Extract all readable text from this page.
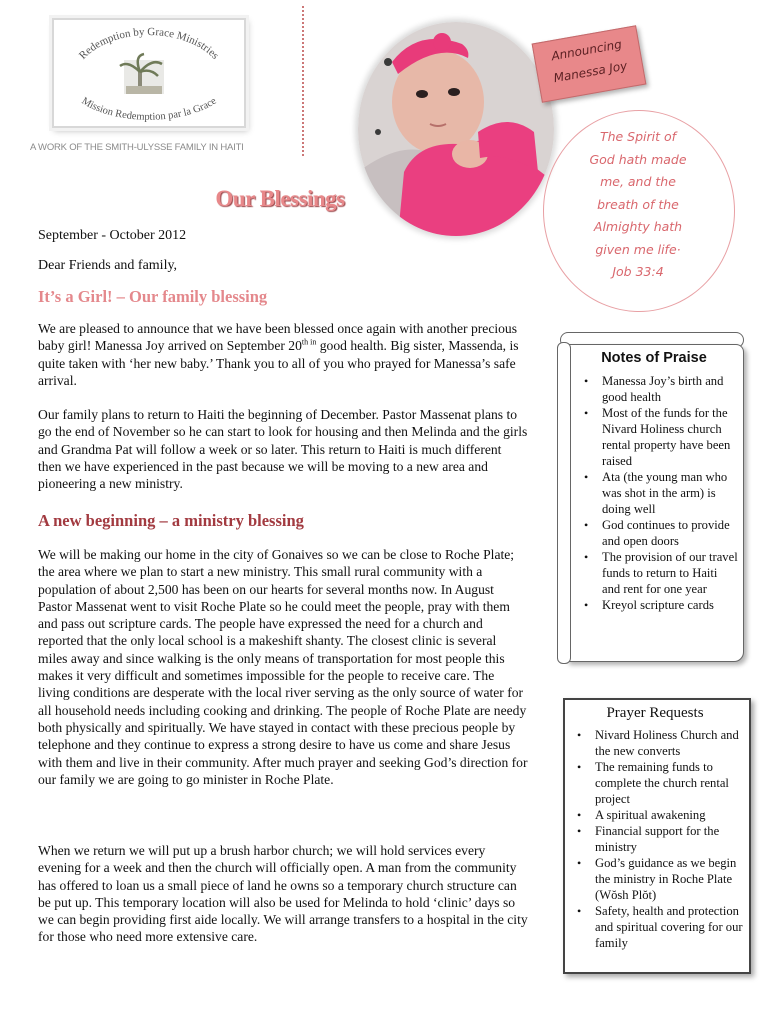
Redemption by Grace Ministries
Mission Redemption par la Grace
A WORK OF THE SMITH-ULYSSE FAMILY IN HAITI
Announcing
Manessa Joy
The Spirit of
God hath made
me, and the
breath of the
Almighty hath
given me life·
Job 33:4
Our Blessings
September - October 2012
Dear Friends and family,
It’s a Girl! – Our family blessing
We are pleased to announce that we have been blessed once again with another precious baby girl! Manessa Joy arrived on September $20^{th in}$ good health. Big sister, Massenda, is quite taken with ‘her new baby.’ Thank you to all of you who prayed for Manessa’s safe arrival.
Our family plans to return to Haiti the beginning of December. Pastor Massenat plans to go the end of November so he can start to look for housing and then Melinda and the girls and Grandma Pat will follow a week or so later. This return to Haiti is much different then we have experienced in the past because we will be moving to a new area and pioneering a new ministry.
A new beginning – a ministry blessing
We will be making our home in the city of Gonaives so we can be close to Roche Plate; the area where we plan to start a new ministry. This small rural community with a population of about 2,500 has been on our hearts for several months now. In August Pastor Massenat went to visit Roche Plate so he could meet the people, pray with them and pass out scripture cards. The people have expressed the need for a church and reported that the only local school is a makeshift shanty. The closest clinic is several miles away and since walking is the only means of transportation for most people this makes it very difficult and sometimes impossible for the people to receive care. The living conditions are desperate with the local river serving as the only source of water for all household needs including cooking and drinking. The people of Roche Plate are needy both physically and spiritually. We have stayed in contact with these precious people by telephone and they continue to express a strong desire to have us come and share Jesus with them and live in their community. After much prayer and seeking God’s direction for our family we are going to go minister in Roche Plate.
When we return we will put up a brush harbor church; we will hold services every evening for a week and then the church will officially open. A man from the community has offered to loan us a small piece of land he owns so a temporary church structure can be put up. This temporary location will also be used for Melinda to hold ‘clinic’ days so we can begin providing first aide locally. We will arrange transfers to a hospital in the city for those who need more extensive care.
Notes of Praise
• Manessa Joy’s birth and good health
• Most of the funds for the Nivard Holiness church rental property have been raised
• Ata (the young man who was shot in the arm) is doing well
• God continues to provide and open doors
• The provision of our travel funds to return to Haiti and rent for one year
• Kreyol scripture cards
Prayer Requests
• Nivard Holiness Church and the new converts
• The remaining funds to complete the church rental project
• A spiritual awakening
• Financial support for the ministry
• God’s guidance as we begin the ministry in Roche Plate (Wŏsh Plŏt)
• Safety, health and protection and spiritual covering for our family
